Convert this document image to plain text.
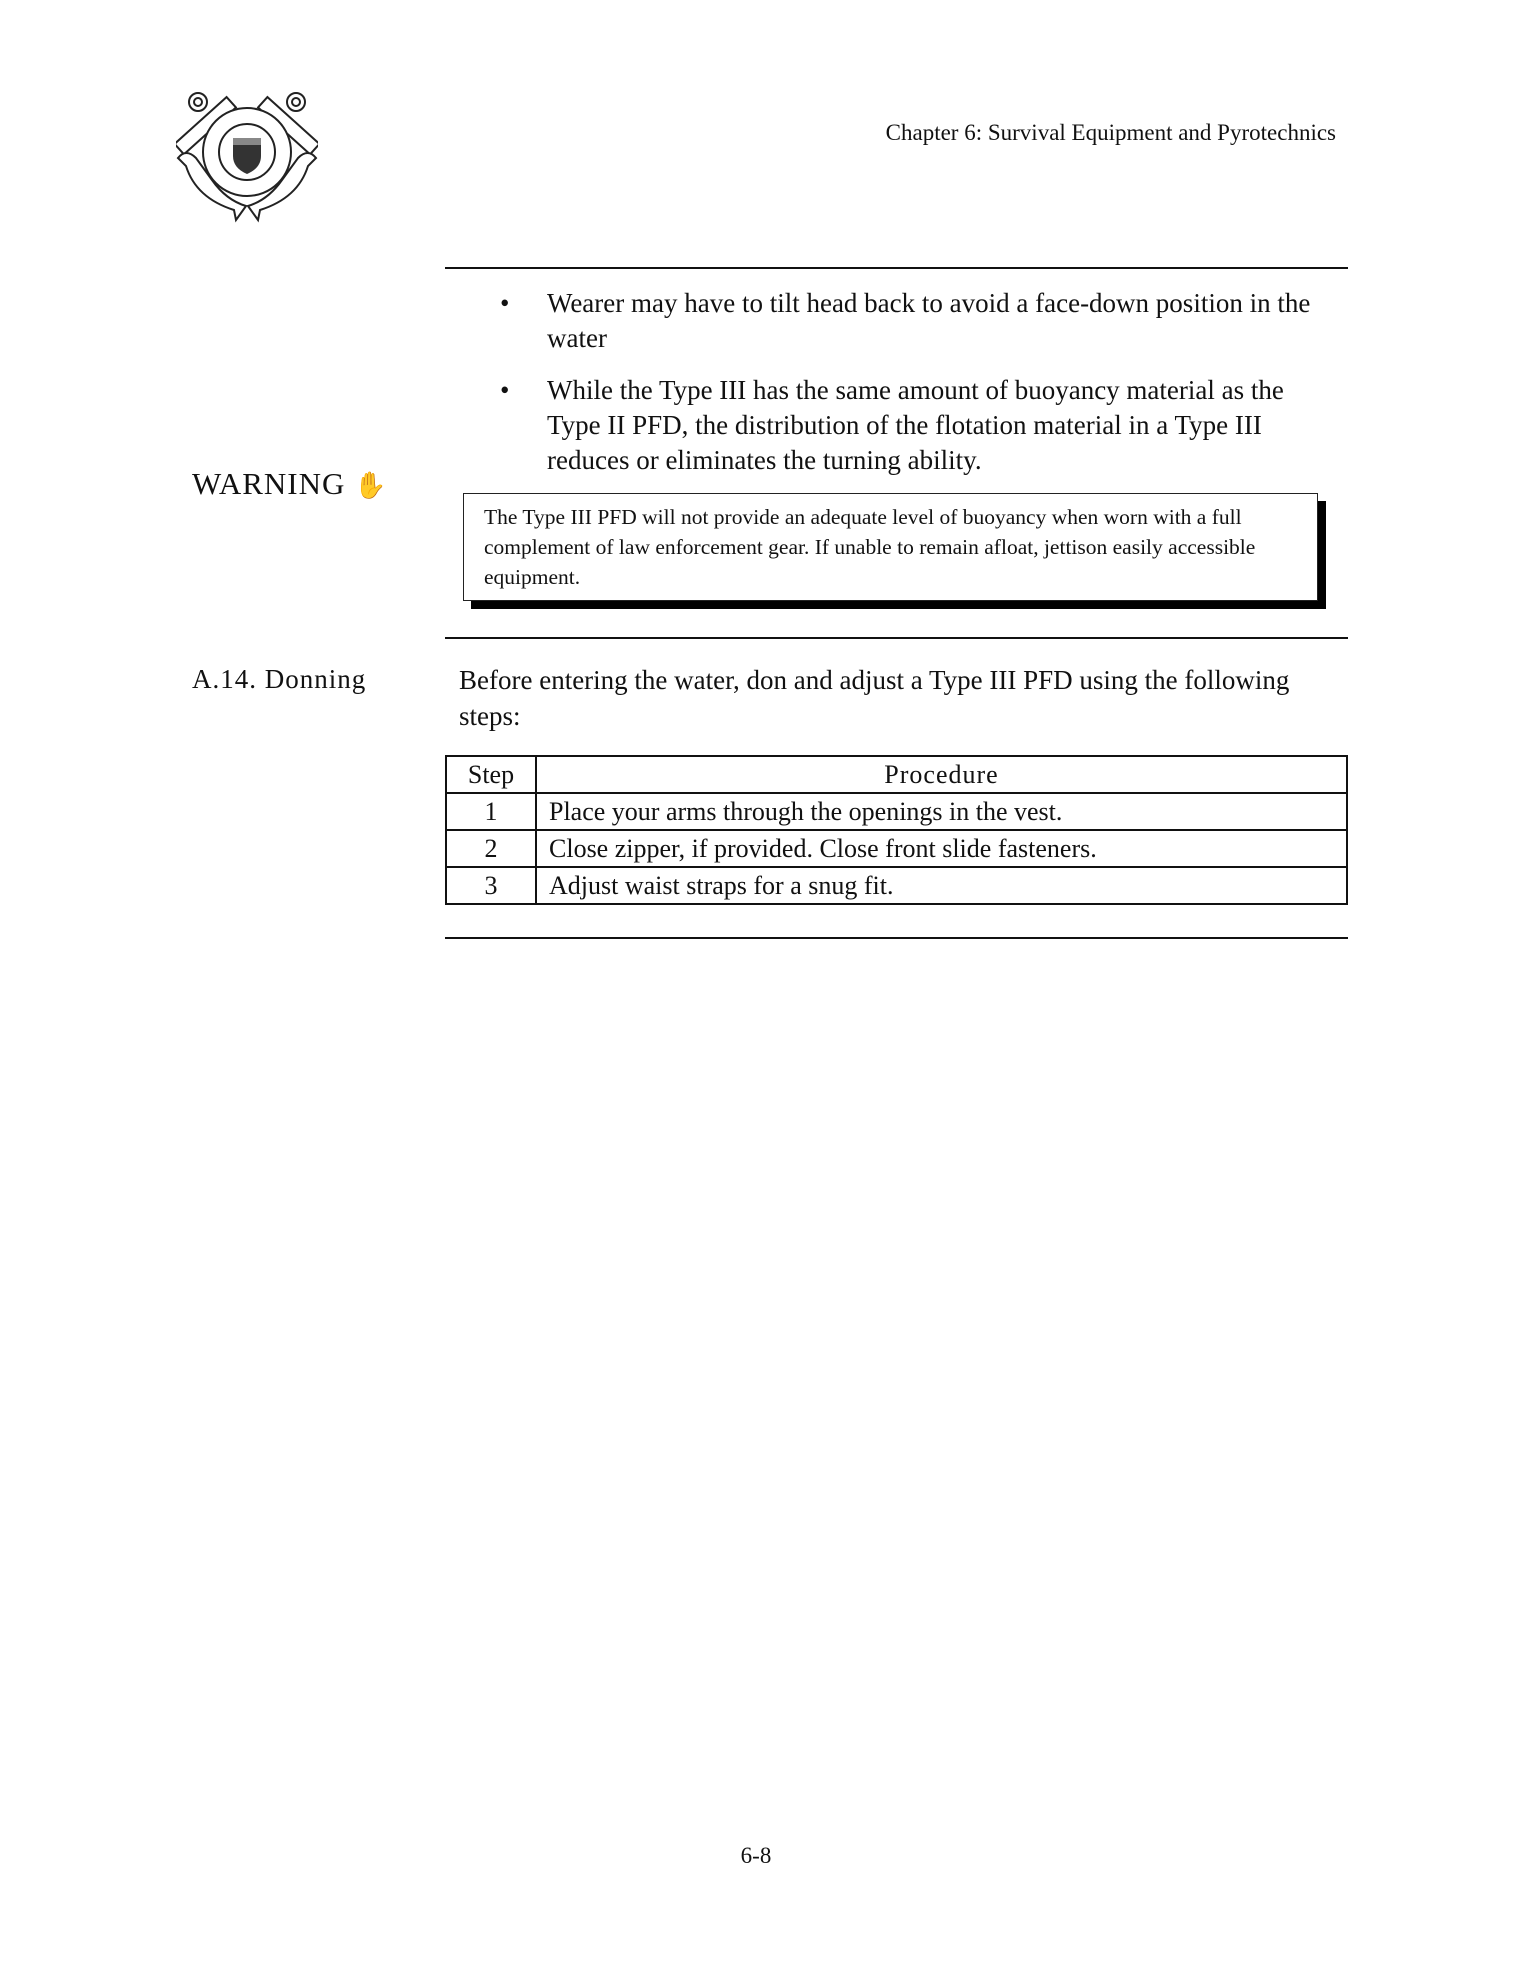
Chapter 6: Survival Equipment and Pyrotechnics
• Wearer may have to tilt head back to avoid a face-down position in the water
• While the Type III has the same amount of buoyancy material as the Type II PFD, the distribution of the flotation material in a Type III reduces or eliminates the turning ability.
WARNING ✋
The Type III PFD will not provide an adequate level of buoyancy when worn with a full complement of law enforcement gear. If unable to remain afloat, jettison easily accessible equipment.
A.14. Donning	Before entering the water, don and adjust a Type III PFD using the following steps:
Step	Procedure
1	Place your arms through the openings in the vest.
2	Close zipper, if provided. Close front slide fasteners.
3	Adjust waist straps for a snug fit.
6-8
